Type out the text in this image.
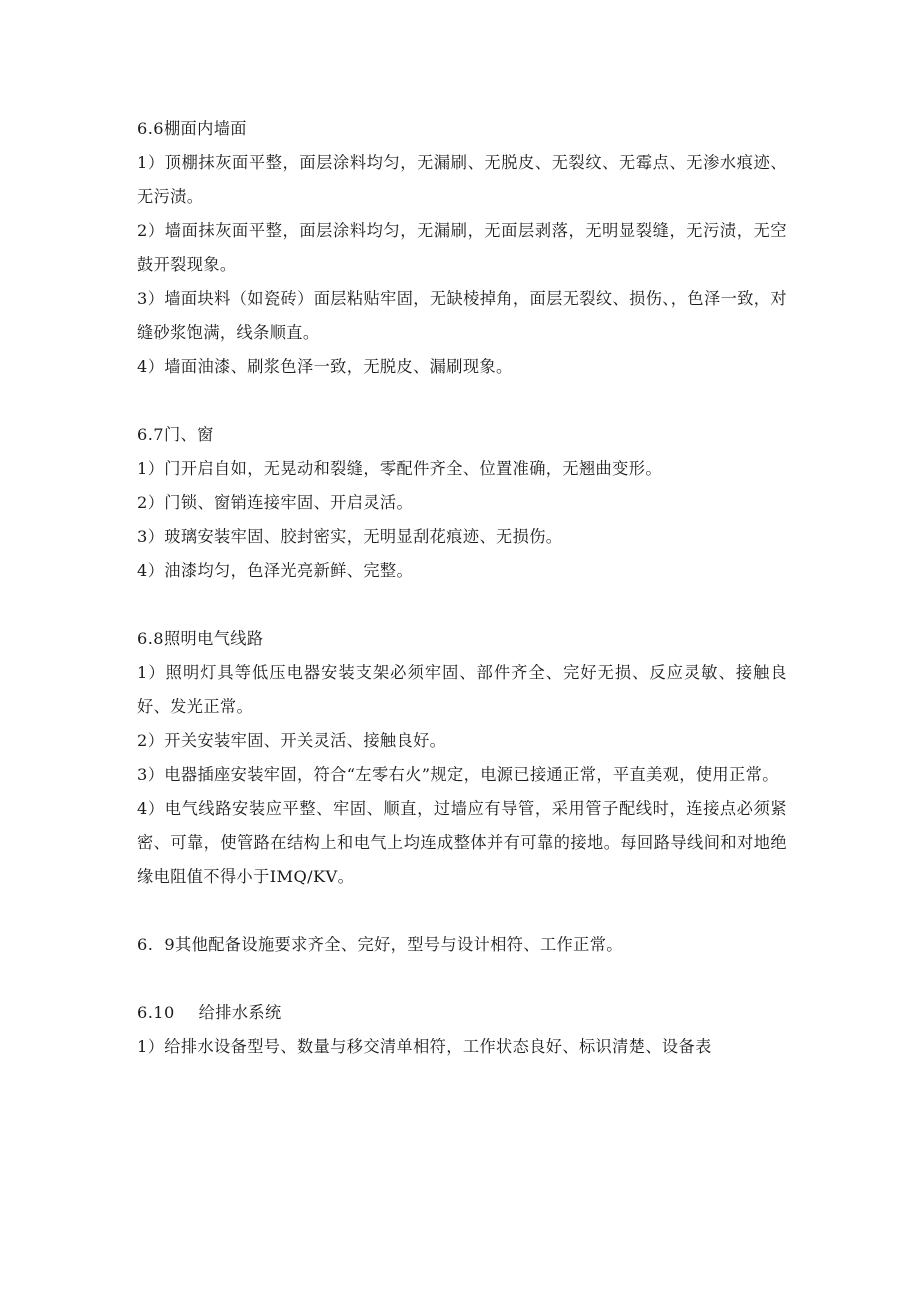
6.6棚面内墙面

1）顶棚抹灰面平整，面层涂料均匀，无漏刷、无脱皮、无裂纹、无霉点、无渗水痕迹、无污渍。

2）墙面抹灰面平整，面层涂料均匀，无漏刷，无面层剥落，无明显裂缝，无污渍，无空鼓开裂现象。

3）墙面块料（如瓷砖）面层粘贴牢固，无缺棱掉角，面层无裂纹、损伤、，色泽一致，对缝砂浆饱满，线条顺直。

4）墙面油漆、刷浆色泽一致，无脱皮、漏刷现象。

6.7门、窗

1）门开启自如，无晃动和裂缝，零配件齐全、位置准确，无翘曲变形。

2）门锁、窗销连接牢固、开启灵活。

3）玻璃安装牢固、胶封密实，无明显刮花痕迹、无损伤。

4）油漆均匀，色泽光亮新鲜、完整。

6.8照明电气线路

1）照明灯具等低压电器安装支架必须牢固、部件齐全、完好无损、反应灵敏、接触良好、发光正常。

2）开关安装牢固、开关灵活、接触良好。

3）电器插座安装牢固，符合“左零右火”规定，电源已接通正常，平直美观，使用正常。

4）电气线路安装应平整、牢固、顺直，过墙应有导管，采用管子配线时，连接点必须紧密、可靠，使管路在结构上和电气上均连成整体并有可靠的接地。每回路导线间和对地绝缘电阻值不得小于IMQ/KV。

6.  9其他配备设施要求齐全、完好，型号与设计相符、工作正常。

6.10 给排水系统

1）给排水设备型号、数量与移交清单相符，工作状态良好、标识清楚、设备表
